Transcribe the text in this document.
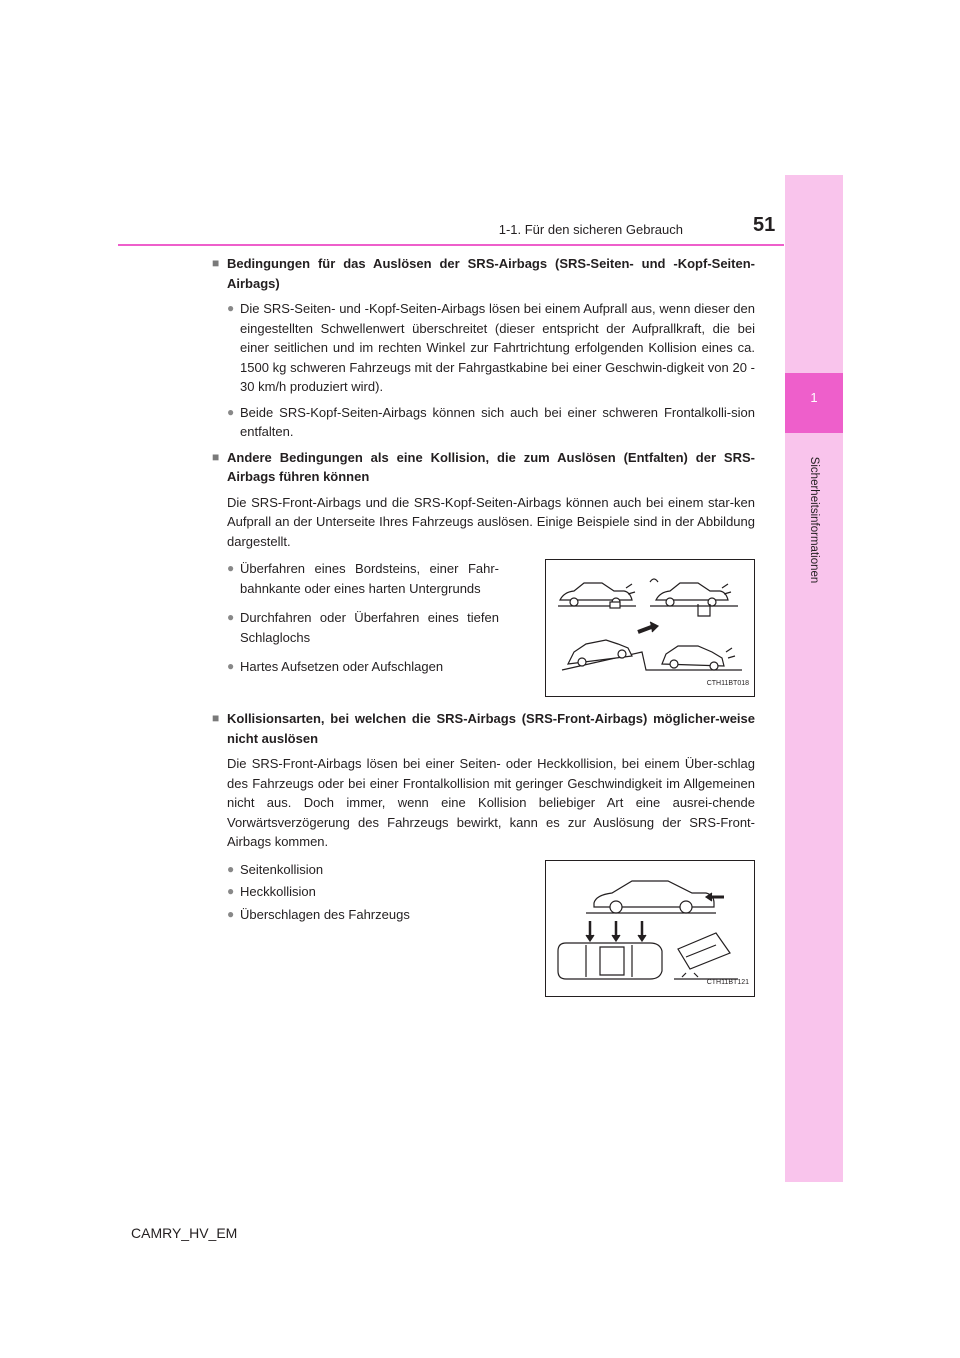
1
Sicherheitsinformationen
1-1. Für den sicheren Gebrauch	51
■ Bedingungen für das Auslösen der SRS-Airbags (SRS-Seiten- und -Kopf-Seiten-Airbags)
● Die SRS-Seiten- und -Kopf-Seiten-Airbags lösen bei einem Aufprall aus, wenn dieser den eingestellten Schwellenwert überschreitet (dieser entspricht der Aufprallkraft, die bei einer seitlichen und im rechten Winkel zur Fahrtrichtung erfolgenden Kollision eines ca. 1500 kg schweren Fahrzeugs mit der Fahrgastkabine bei einer Geschwin-digkeit von 20 - 30 km/h produziert wird).
● Beide SRS-Kopf-Seiten-Airbags können sich auch bei einer schweren Frontalkolli-sion entfalten.
■ Andere Bedingungen als eine Kollision, die zum Auslösen (Entfalten) der SRS-Airbags führen können
Die SRS-Front-Airbags und die SRS-Kopf-Seiten-Airbags können auch bei einem star-ken Aufprall an der Unterseite Ihres Fahrzeugs auslösen. Einige Beispiele sind in der Abbildung dargestellt.
● Überfahren eines Bordsteins, einer Fahr-bahnkante oder eines harten Untergrunds
● Durchfahren oder Überfahren eines tiefen Schlaglochs
● Hartes Aufsetzen oder Aufschlagen
CTH11BT018
■ Kollisionsarten, bei welchen die SRS-Airbags (SRS-Front-Airbags) möglicher-weise nicht auslösen
Die SRS-Front-Airbags lösen bei einer Seiten- oder Heckkollision, bei einem Über-schlag des Fahrzeugs oder bei einer Frontalkollision mit geringer Geschwindigkeit im Allgemeinen nicht aus. Doch immer, wenn eine Kollision beliebiger Art eine ausrei-chende Vorwärtsverzögerung des Fahrzeugs bewirkt, kann es zur Auslösung der SRS-Front-Airbags kommen.
● Seitenkollision
● Heckkollision
● Überschlagen des Fahrzeugs
CTH11BT121
CAMRY_HV_EM
